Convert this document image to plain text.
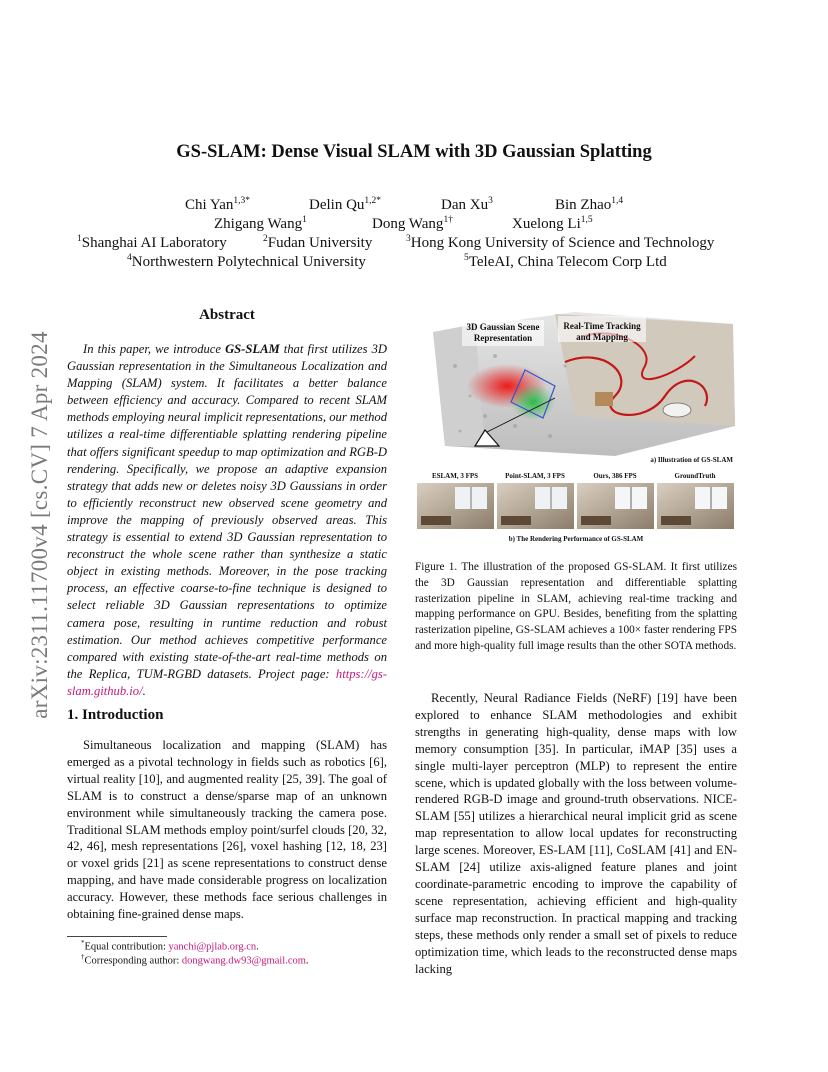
arXiv:2311.11700v4 [cs.CV] 7 Apr 2024
GS-SLAM: Dense Visual SLAM with 3D Gaussian Splatting
Chi Yan$^{1,3*}$	Delin $Qu^{1,2*}$	Dan Xu$^3$	Bin Zhao$^{1,4}$
Zhigang Wang$^1$	Dong Wang$^{1\dagger}$	Xuelong Li$^{1,5}$
$^1$Shanghai AI Laboratory	$^2$Fudan University	$^3$Hong Kong University of Science and Technology
$^4$Northwestern Polytechnical University	$^5$TeleAI, China Telecom Corp Ltd
Abstract
In this paper, we introduce GS-SLAM that first utilizes 3D Gaussian representation in the Simultaneous Localization and Mapping (SLAM) system. It facilitates a better balance between efficiency and accuracy. Compared to recent SLAM methods employing neural implicit representations, our method utilizes a real-time differentiable splatting rendering pipeline that offers significant speedup to map optimization and RGB-D rendering. Specifically, we propose an adaptive expansion strategy that adds new or deletes noisy 3D Gaussians in order to efficiently reconstruct new observed scene geometry and improve the mapping of previously observed areas. This strategy is essential to extend 3D Gaussian representation to reconstruct the whole scene rather than synthesize a static object in existing methods. Moreover, in the pose tracking process, an effective coarse-to-fine technique is designed to select reliable 3D Gaussian representations to optimize camera pose, resulting in runtime reduction and robust estimation. Our method achieves competitive performance compared with existing state-of-the-art real-time methods on the Replica, TUM-RGBD datasets. Project page: https://gs-slam.github.io/.
1. Introduction
Simultaneous localization and mapping (SLAM) has emerged as a pivotal technology in fields such as robotics [6], virtual reality [10], and augmented reality [25, 39]. The goal of SLAM is to construct a dense/sparse map of an unknown environment while simultaneously tracking the camera pose. Traditional SLAM methods employ point/surfel clouds [20, 32, 42, 46], mesh representations [26], voxel hashing [12, 18, 23] or voxel grids [21] as scene representations to construct dense mapping, and have made considerable progress on localization accuracy. However, these methods face serious challenges in obtaining fine-grained dense maps.
*Equal contribution: yanchi@pjlab.org.cn.
†Corresponding author: dongwang.dw93@gmail.com.
3D Gaussian Scene
Representation
Real-Time Tracking
and Mapping
a) Illustration of GS-SLAM
ESLAM, 3 FPS	Point-SLAM, 3 FPS	Ours, 386 FPS	GroundTruth
b) The Rendering Performance of GS-SLAM
Figure 1. The illustration of the proposed GS-SLAM. It first utilizes the 3D Gaussian representation and differentiable splatting rasterization pipeline in SLAM, achieving real-time tracking and mapping performance on GPU. Besides, benefiting from the splatting rasterization pipeline, GS-SLAM achieves a 100× faster rendering FPS and more high-quality full image results than the other SOTA methods.
Recently, Neural Radiance Fields (NeRF) [19] have been explored to enhance SLAM methodologies and exhibit strengths in generating high-quality, dense maps with low memory consumption [35]. In particular, iMAP [35] uses a single multi-layer perceptron (MLP) to represent the entire scene, which is updated globally with the loss between volume-rendered RGB-D image and ground-truth observations. NICE-SLAM [55] utilizes a hierarchical neural implicit grid as scene map representation to allow local updates for reconstructing large scenes. Moreover, ES-LAM [11], CoSLAM [41] and EN-SLAM [24] utilize axis-aligned feature planes and joint coordinate-parametric encoding to improve the capability of scene representation, achieving efficient and high-quality surface map reconstruction. In practical mapping and tracking steps, these methods only render a small set of pixels to reduce optimization time, which leads to the reconstructed dense maps lacking
